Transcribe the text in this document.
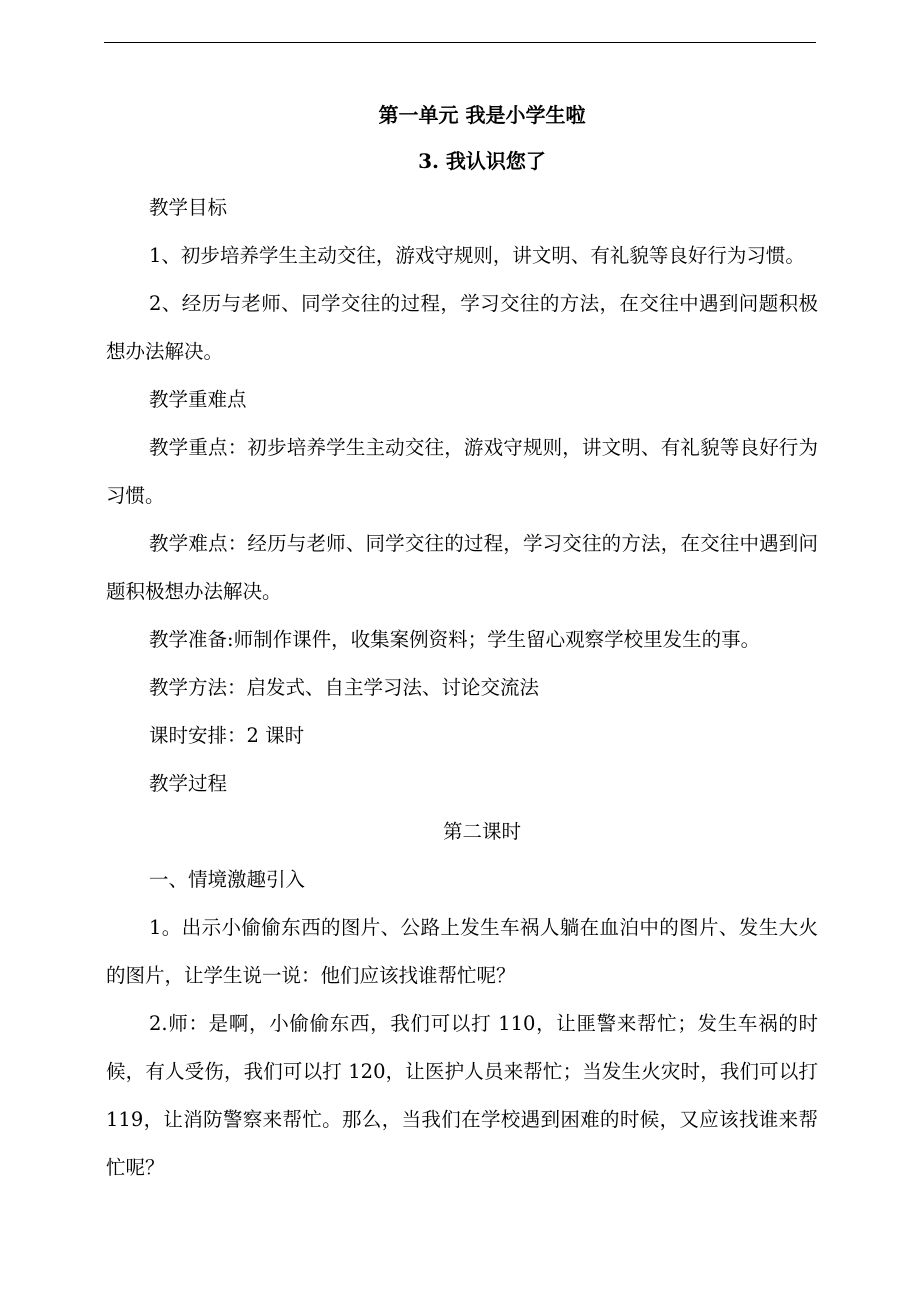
第一单元 我是小学生啦

3. 我认识您了

教学目标

1、初步培养学生主动交往，游戏守规则，讲文明、有礼貌等良好行为习惯。

2、经历与老师、同学交往的过程，学习交往的方法，在交往中遇到问题积极想办法解决。

教学重难点

教学重点：初步培养学生主动交往，游戏守规则，讲文明、有礼貌等良好行为习惯。

教学难点：经历与老师、同学交往的过程，学习交往的方法，在交往中遇到问题积极想办法解决。

教学准备:师制作课件，收集案例资料；学生留心观察学校里发生的事。

教学方法：启发式、自主学习法、讨论交流法

课时安排：2 课时

教学过程

第二课时

一、情境激趣引入

1。出示小偷偷东西的图片、公路上发生车祸人躺在血泊中的图片、发生大火的图片，让学生说一说：他们应该找谁帮忙呢？

2.师：是啊，小偷偷东西，我们可以打 110，让匪警来帮忙；发生车祸的时候，有人受伤，我们可以打 120，让医护人员来帮忙；当发生火灾时，我们可以打 119，让消防警察来帮忙。那么，当我们在学校遇到困难的时候，又应该找谁来帮忙呢？
